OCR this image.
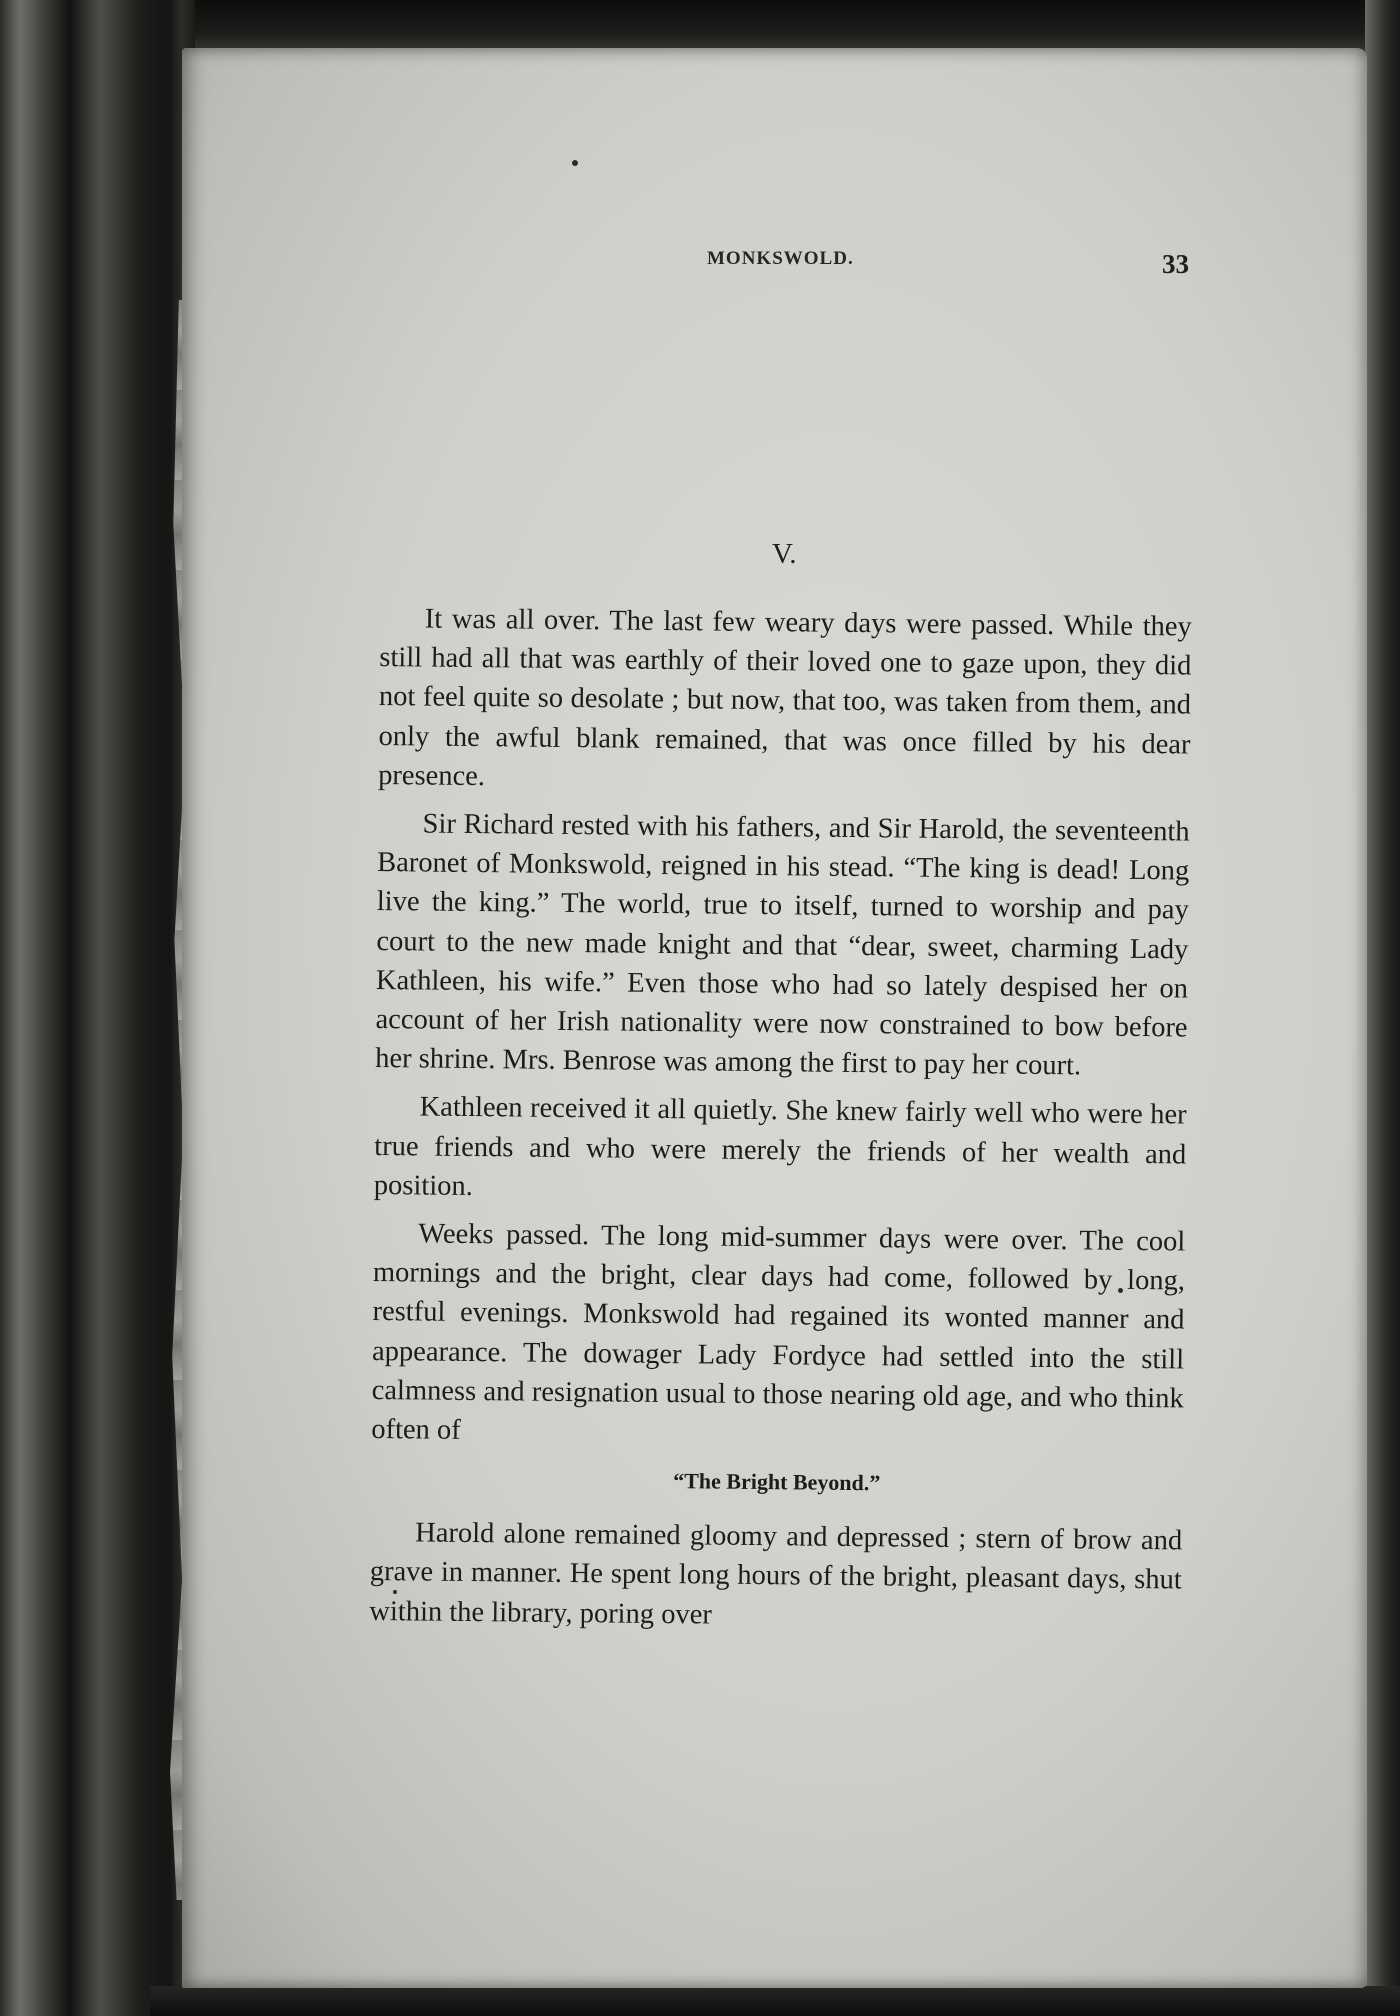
MONKSWOLD.	33
V.

It was all over. The last few weary days were passed. While they still had all that was earthly of their loved one to gaze upon, they did not feel quite so desolate ; but now, that too, was taken from them, and only the awful blank remained, that was once filled by his dear presence.

Sir Richard rested with his fathers, and Sir Harold, the seventeenth Baronet of Monkswold, reigned in his stead. “The king is dead! Long live the king.” The world, true to itself, turned to worship and pay court to the new made knight and that “dear, sweet, charming Lady Kathleen, his wife.” Even those who had so lately despised her on account of her Irish nationality were now constrained to bow before her shrine. Mrs. Benrose was among the first to pay her court.

Kathleen received it all quietly. She knew fairly well who were her true friends and who were merely the friends of her wealth and position.

Weeks passed. The long mid-summer days were over. The cool mornings and the bright, clear days had come, followed by long, restful evenings. Monkswold had regained its wonted manner and appearance. The dowager Lady Fordyce had settled into the still calmness and resignation usual to those nearing old age, and who think often of

“The Bright Beyond.”

Harold alone remained gloomy and depressed ; stern of brow and grave in manner. He spent long hours of the bright, pleasant days, shut within the library, poring over
